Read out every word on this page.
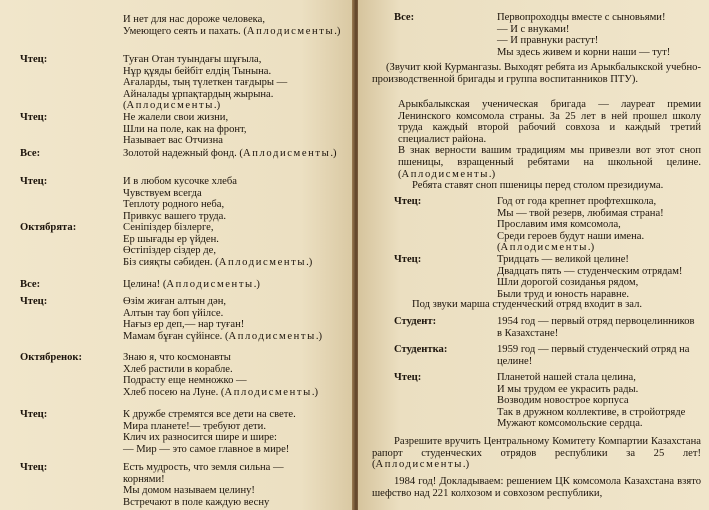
И нет для нас дороже человека,
Умеющего сеять и пахать. (Аплодисменты.)
Чтец:	Туған Отан туындағы шұғыла,
Нұр құяды бейбіт елдің Тынына.
Ағаларды, тың түлеткен тағдыры —
Айналады ұрпақтардың жырына.
(Аплодисменты.)
Чтец:	Не жалели свои жизни,
Шли на поле, как на фронт,
Называет вас Отчизна
Все:	Золотой надежный фонд. (Аплодисменты.)
Чтец:	И в любом кусочке хлеба
Чувствуем всегда
Теплоту родного неба,
Привкус вашего труда.
Октябрята:	Сеніпіздер бізлерге,
Ер шығады ер үйден.
Өстіпіздер сіздер де,
Біз сияқты сәбиден. (Аплодисменты.)
Все:	Целина! (Аплодисменты.)
Чтец:	Өзім жиған алтын дән,
Алтын тау боп үйілсе.
Нағыз ер деп,— нар туған!
Мамам бұған сүйінсе. (Аплодисменты.)
Октябренок:	Знаю я, что космонавты
Хлеб растили в корабле.
Подрасту еще немножко —
Хлеб посею на Луне. (Аплодисменты.)
Чтец:	К дружбе стремятся все дети на свете.
Мира планете!— требуют дети.
Клич их разносится шире и шире:
— Мир — это самое главное в мире!
Чтец:	Есть мудрость, что земля сильна —
корнями!
Мы домом называем целину!
Встречают в поле каждую весну
Все:	Первопроходцы вместе с сыновьями!
— И с внуками!
— И правнуки растут!
Мы здесь живем и корни наши — тут!
(Звучит кюй Курмангазы. Выходят ребята из Арыкбалыкской учебно-производственной бригады и группа воспитанников ПТУ).
Арыкбалыкская ученическая бригада — лауреат премии Ленинского комсомола страны. За 25 лет в ней прошел школу труда каждый второй рабочий совхоза и каждый третий специалист района.
В знак верности вашим традициям мы привезли вот этот сноп пшеницы, взращенный ребятами на школьной целине. (Аплодисменты.)
Ребята ставят сноп пшеницы перед столом президиума.
Чтец:	Год от года крепнет профтехшкола,
Мы — твой резерв, любимая страна!
Прославим имя комсомола,
Среди героев будут наши имена.
(Аплодисменты.)
Чтец:	Тридцать — великой целине!
Двадцать пять — студенческим отрядам!
Шли дорогой созиданья рядом,
Были труд и юность наравне.
Под звуки марша студенческий отряд входит в зал.
Студент:	1954 год — первый отряд первоцелинников в Казахстане!
Студентка:	1959 год — первый студенческий отряд на целине!
Чтец:	Планетой нашей стала целина,
И мы трудом ее украсить рады.
Возводим новострое корпуса
Так в дружном коллективе, в стройотряде
Мужают комсомольские сердца.
Разрешите вручить Центральному Комитету Компартии Казахстана рапорт студенческих отрядов республики за 25 лет! (Аплодисменты.)
1984 год! Докладываем: решением ЦК комсомола Казахстана взято шефство над 221 колхозом и совхозом республики,
